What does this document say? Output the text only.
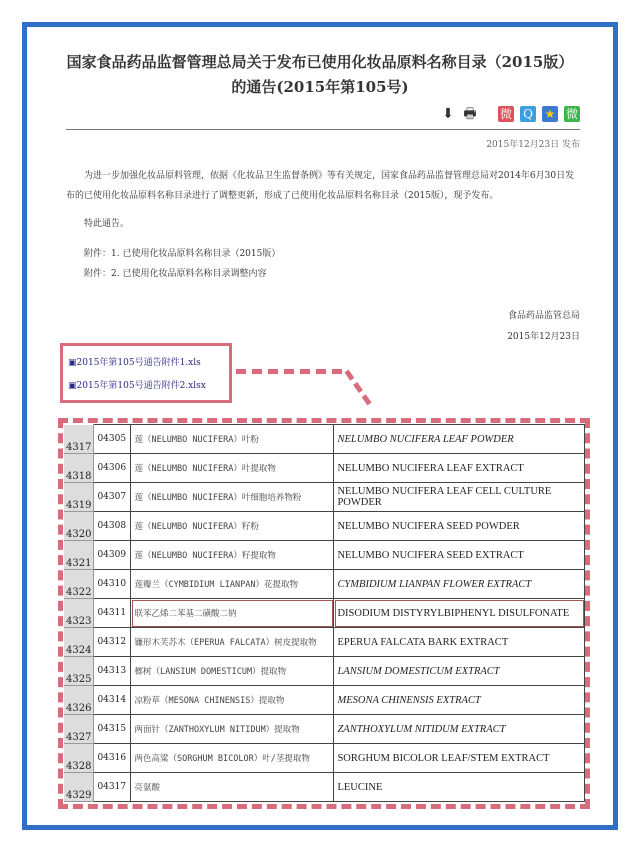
国家食品药品监督管理总局关于发布已使用化妆品原料名称目录（2015版）的通告(2015年第105号)
⬇ 🖶 微 Q ★ 微
2015年12月23日 发布
为进一步加强化妆品原料管理，依据《化妆品卫生监督条例》等有关规定，国家食品药品监督管理总局对2014年6月30日发布的已使用化妆品原料名称目录进行了调整更新，形成了已使用化妆品原料名称目录（2015版），现予发布。
特此通告。
附件：1. 已使用化妆品原料名称目录（2015版）
附件：2. 已使用化妆品原料名称目录调整内容
食品药品监管总局
2015年12月23日
▣2015年第105号通告附件1.xls
▣2015年第105号通告附件2.xlsx
4317	04305	莲（NELUMBO NUCIFERA）叶粉	NELUMBO NUCIFERA LEAF POWDER
4318	04306	莲（NELUMBO NUCIFERA）叶提取物	NELUMBO NUCIFERA LEAF EXTRACT
4319	04307	莲（NELUMBO NUCIFERA）叶细胞培养物粉	NELUMBO NUCIFERA LEAF CELL CULTURE POWDER
4320	04308	莲（NELUMBO NUCIFERA）籽粉	NELUMBO NUCIFERA SEED POWDER
4321	04309	莲（NELUMBO NUCIFERA）籽提取物	NELUMBO NUCIFERA SEED EXTRACT
4322	04310	莲瓣兰（CYMBIDIUM LIANPAN）花提取物	CYMBIDIUM LIANPAN FLOWER EXTRACT
4323	04311	联苯乙烯二苯基二磺酸二钠	DISODIUM DISTYRYLBIPHENYL DISULFONATE
4324	04312	镰形木芙苏木（EPERUA FALCATA）树皮提取物	EPERUA FALCATA BARK EXTRACT
4325	04313	榔树（LANSIUM DOMESTICUM）提取物	LANSIUM DOMESTICUM EXTRACT
4326	04314	凉粉草（MESONA CHINENSIS）提取物	MESONA CHINENSIS EXTRACT
4327	04315	两面针（ZANTHOXYLUM NITIDUM）提取物	ZANTHOXYLUM NITIDUM EXTRACT
4328	04316	两色高粱（SORGHUM BICOLOR）叶/茎提取物	SORGHUM BICOLOR LEAF/STEM EXTRACT
4329	04317	亮氨酸	LEUCINE
